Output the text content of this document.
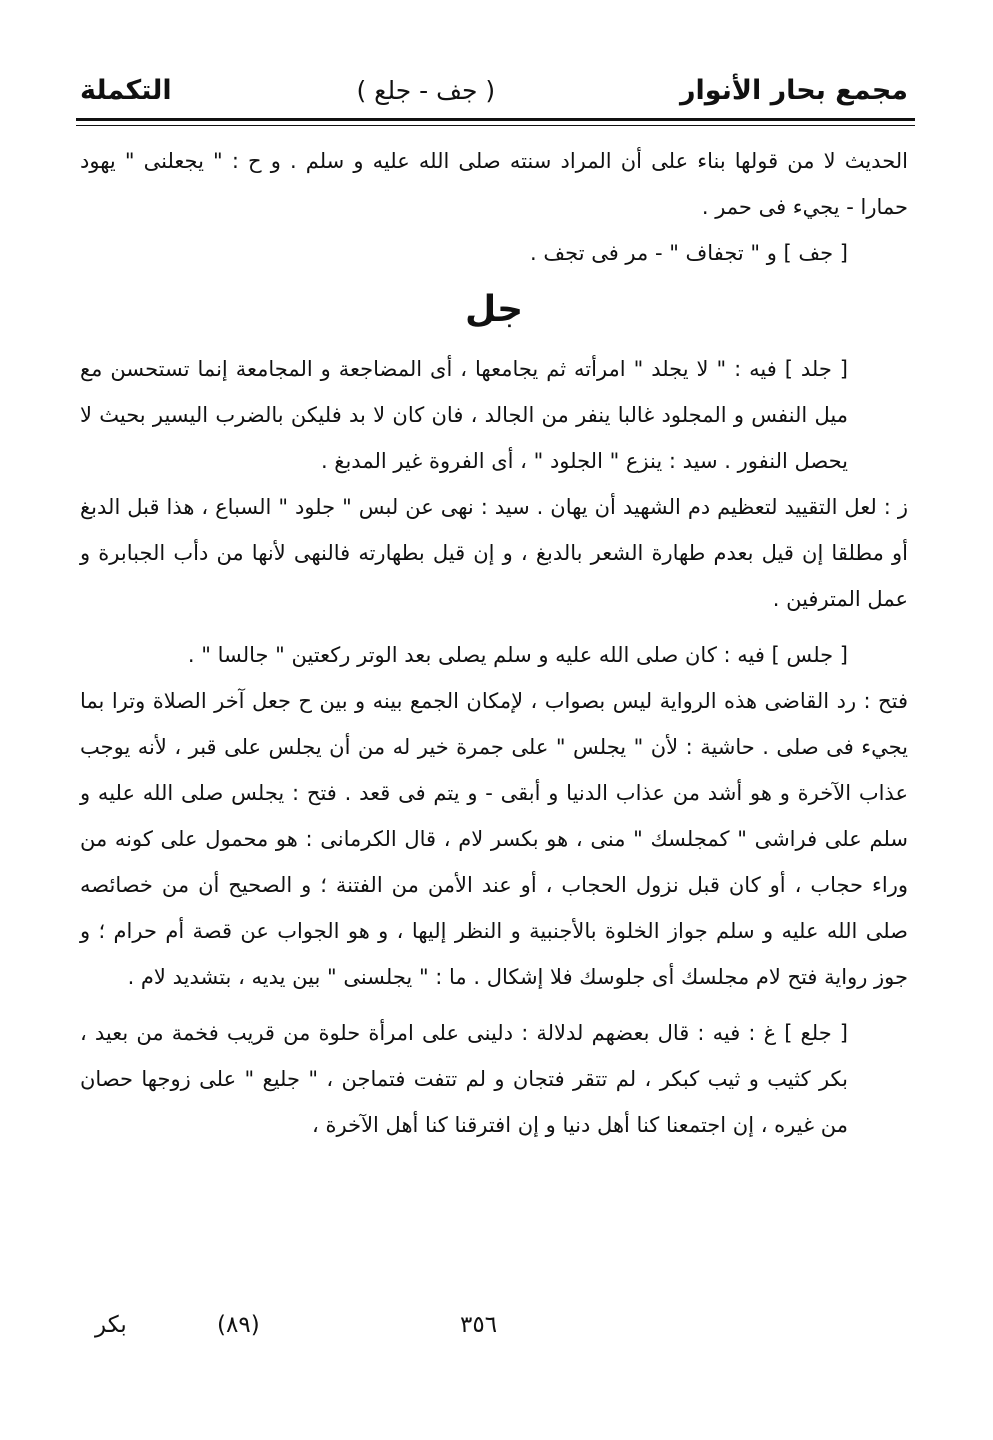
مجمع بحار الأنوار
( جف - جلع )
التكملة

الحديث لا من قولها بناء على أن المراد سنته صلى الله عليه و سلم . و ح : " يجعلنى " يهود حمارا - يجيء فى حمر .

[ جف ] و " تجفاف " - مر فى تجف .

جل

[ جلد ] فيه : " لا يجلد " امرأته ثم يجامعها ، أى المضاجعة و المجامعة إنما تستحسن مع ميل النفس و المجلود غالبا ينفر من الجالد ، فان كان لا بد فليكن بالضرب اليسير بحيث لا يحصل النفور . سيد : ينزع " الجلود " ، أى الفروة غير المدبغ .

ز : لعل التقييد لتعظيم دم الشهيد أن يهان . سيد : نهى عن لبس " جلود " السباع ، هذا قبل الدبغ أو مطلقا إن قيل بعدم طهارة الشعر بالدبغ ، و إن قيل بطهارته فالنهى لأنها من دأب الجبابرة و عمل المترفين .

[ جلس ] فيه : كان صلى الله عليه و سلم يصلى بعد الوتر ركعتين " جالسا " .

فتح : رد القاضى هذه الرواية ليس بصواب ، لإمكان الجمع بينه و بين ح جعل آخر الصلاة وترا بما يجيء فى صلى . حاشية : لأن " يجلس " على جمرة خير له من أن يجلس على قبر ، لأنه يوجب عذاب الآخرة و هو أشد من عذاب الدنيا و أبقى - و يتم فى قعد . فتح : يجلس صلى الله عليه و سلم على فراشى " كمجلسك " منى ، هو بكسر لام ، قال الكرمانى : هو محمول على كونه من وراء حجاب ، أو كان قبل نزول الحجاب ، أو عند الأمن من الفتنة ؛ و الصحيح أن من خصائصه صلى الله عليه و سلم جواز الخلوة بالأجنبية و النظر إليها ، و هو الجواب عن قصة أم حرام ؛ و جوز رواية فتح لام مجلسك أى جلوسك فلا إشكال . ما : " يجلسنى " بين يديه ، بتشديد لام .

[ جلع ] غ : فيه : قال بعضهم لدلالة : دلينى على امرأة حلوة من قريب فخمة من بعيد ، بكر كثيب و ثيب كبكر ، لم تتقر فتجان و لم تتفت فتماجن ، " جليع " على زوجها حصان من غيره ، إن اجتمعنا كنا أهل دنيا و إن افترقنا كنا أهل الآخرة ،

بكر	(٨٩)	٣٥٦
